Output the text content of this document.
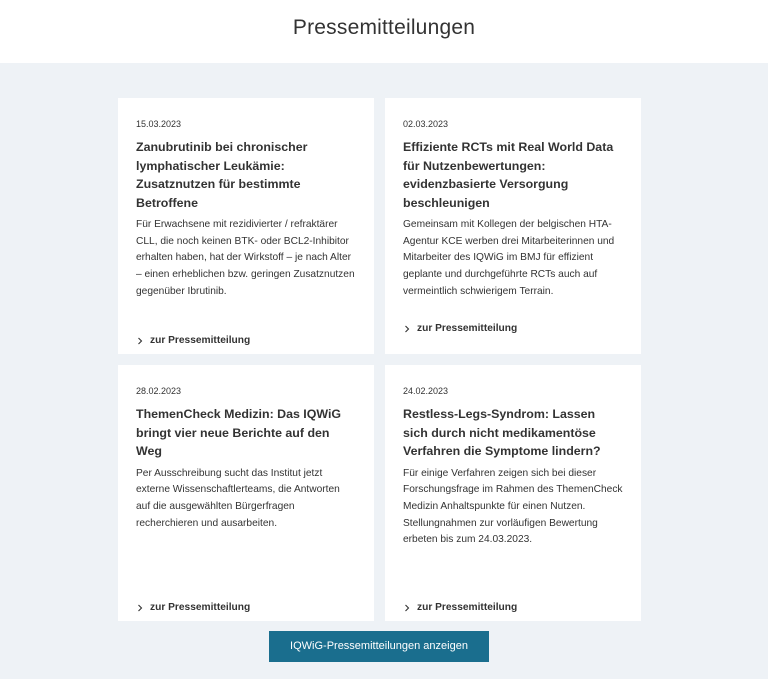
Pressemitteilungen
15.03.2023
Zanubrutinib bei chronischer lymphatischer Leukämie: Zusatznutzen für bestimmte Betroffene

Für Erwachsene mit rezidivierter / refraktärer CLL, die noch keinen BTK- oder BCL2-Inhibitor erhalten haben, hat der Wirkstoff – je nach Alter – einen erheblichen bzw. geringen Zusatznutzen gegenüber Ibrutinib.

zur Pressemitteilung
02.03.2023
Effiziente RCTs mit Real World Data für Nutzenbewertungen: evidenzbasierte Versorgung beschleunigen

Gemeinsam mit Kollegen der belgischen HTA-Agentur KCE werben drei Mitarbeiterinnen und Mitarbeiter des IQWiG im BMJ für effizient geplante und durchgeführte RCTs auch auf vermeintlich schwierigem Terrain.

zur Pressemitteilung
28.02.2023
ThemenCheck Medizin: Das IQWiG bringt vier neue Berichte auf den Weg

Per Ausschreibung sucht das Institut jetzt externe Wissenschaftlerteams, die Antworten auf die ausgewählten Bürgerfragen recherchieren und ausarbeiten.

zur Pressemitteilung
24.02.2023
Restless-Legs-Syndrom: Lassen sich durch nicht medikamentöse Verfahren die Symptome lindern?

Für einige Verfahren zeigen sich bei dieser Forschungsfrage im Rahmen des ThemenCheck Medizin Anhaltspunkte für einen Nutzen. Stellungnahmen zur vorläufigen Bewertung erbeten bis zum 24.03.2023.

zur Pressemitteilung
IQWiG-Pressemitteilungen anzeigen
